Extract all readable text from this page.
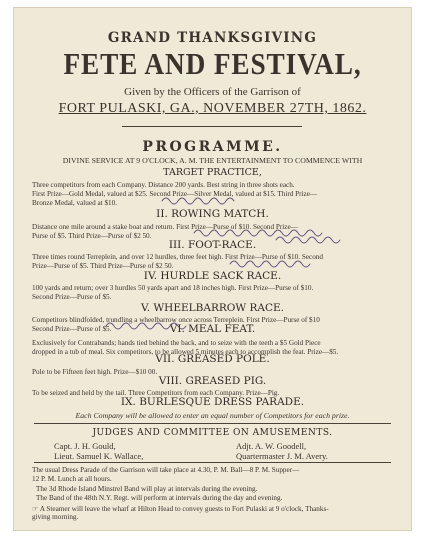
GRAND THANKSGIVING
FETE AND FESTIVAL,
Given by the Officers of the Garrison of
FORT PULASKI, GA., NOVEMBER 27TH, 1862.
PROGRAMME.
DIVINE SERVICE AT 9 O'CLOCK, A. M. THE ENTERTAINMENT TO COMMENCE WITH
TARGET PRACTICE,
Three competitors from each Company. Distance 200 yards. Best string in three shots each.
First Prize—Gold Medal, valued at $25. Second Prize—Silver Medal, valued at $15. Third Prize—
Bronze Medal, valued at $10.
II. ROWING MATCH.
Distance one mile around a stake boat and return. First Prize—Purse of $10. Second Prize—
Purse of $5. Third Prize—Purse of $2 50.
III. FOOT-RACE.
Three times round Terreplein, and over 12 hurdles, three feet high. First Prize—Purse of $10. Second
Prize—Purse of $5. Third Prize—Purse of $2 50.
IV. HURDLE SACK RACE.
100 yards and return; over 3 hurdles 50 yards apart and 18 inches high. First Prize—Purse of $10.
Second Prize—Purse of $5.
V. WHEELBARROW RACE.
Competitors blindfolded, trundling a wheelbarrow once across Terreplein. First Prize—Purse of $10
Second Prize—Purse of $5.	VI. MEAL FEAT.
Exclusively for Contrabands; hands tied behind the back, and to seize with the teeth a $5 Gold Piece
dropped in a tub of meal. Six competitors, to be allowed 5 minutes each to accomplish the feat. Prize—$5.
VII. GREASED POLE.
Pole to be Fifteen feet high. Prize—$10 00.
VIII. GREASED PIG.
To be seized and held by the tail. Three Competitors from each Company. Prize—Pig.
IX. BURLESQUE DRESS PARADE.
Each Company will be allowed to enter an equal number of Competitors for each prize.
JUDGES AND COMMITTEE ON AMUSEMENTS.
Capt. J. H. Gould,
Lieut. Samuel K. Wallace,
Adjt. A. W. Goodell,
Quartermaster J. M. Avery.
The usual Dress Parade of the Garrison will take place at 4.30, P. M. Ball—8 P. M. Supper—
12 P. M. Lunch at all hours.
The 3d Rhode Island Minstrel Band will play at intervals during the evening.
The Band of the 48th N.Y. Regt. will perform at intervals during the day and evening.
☞ A Steamer will leave the wharf at Hilton Head to convey guests to Fort Pulaski at 9 o'clock, Thanks-
giving morning.
